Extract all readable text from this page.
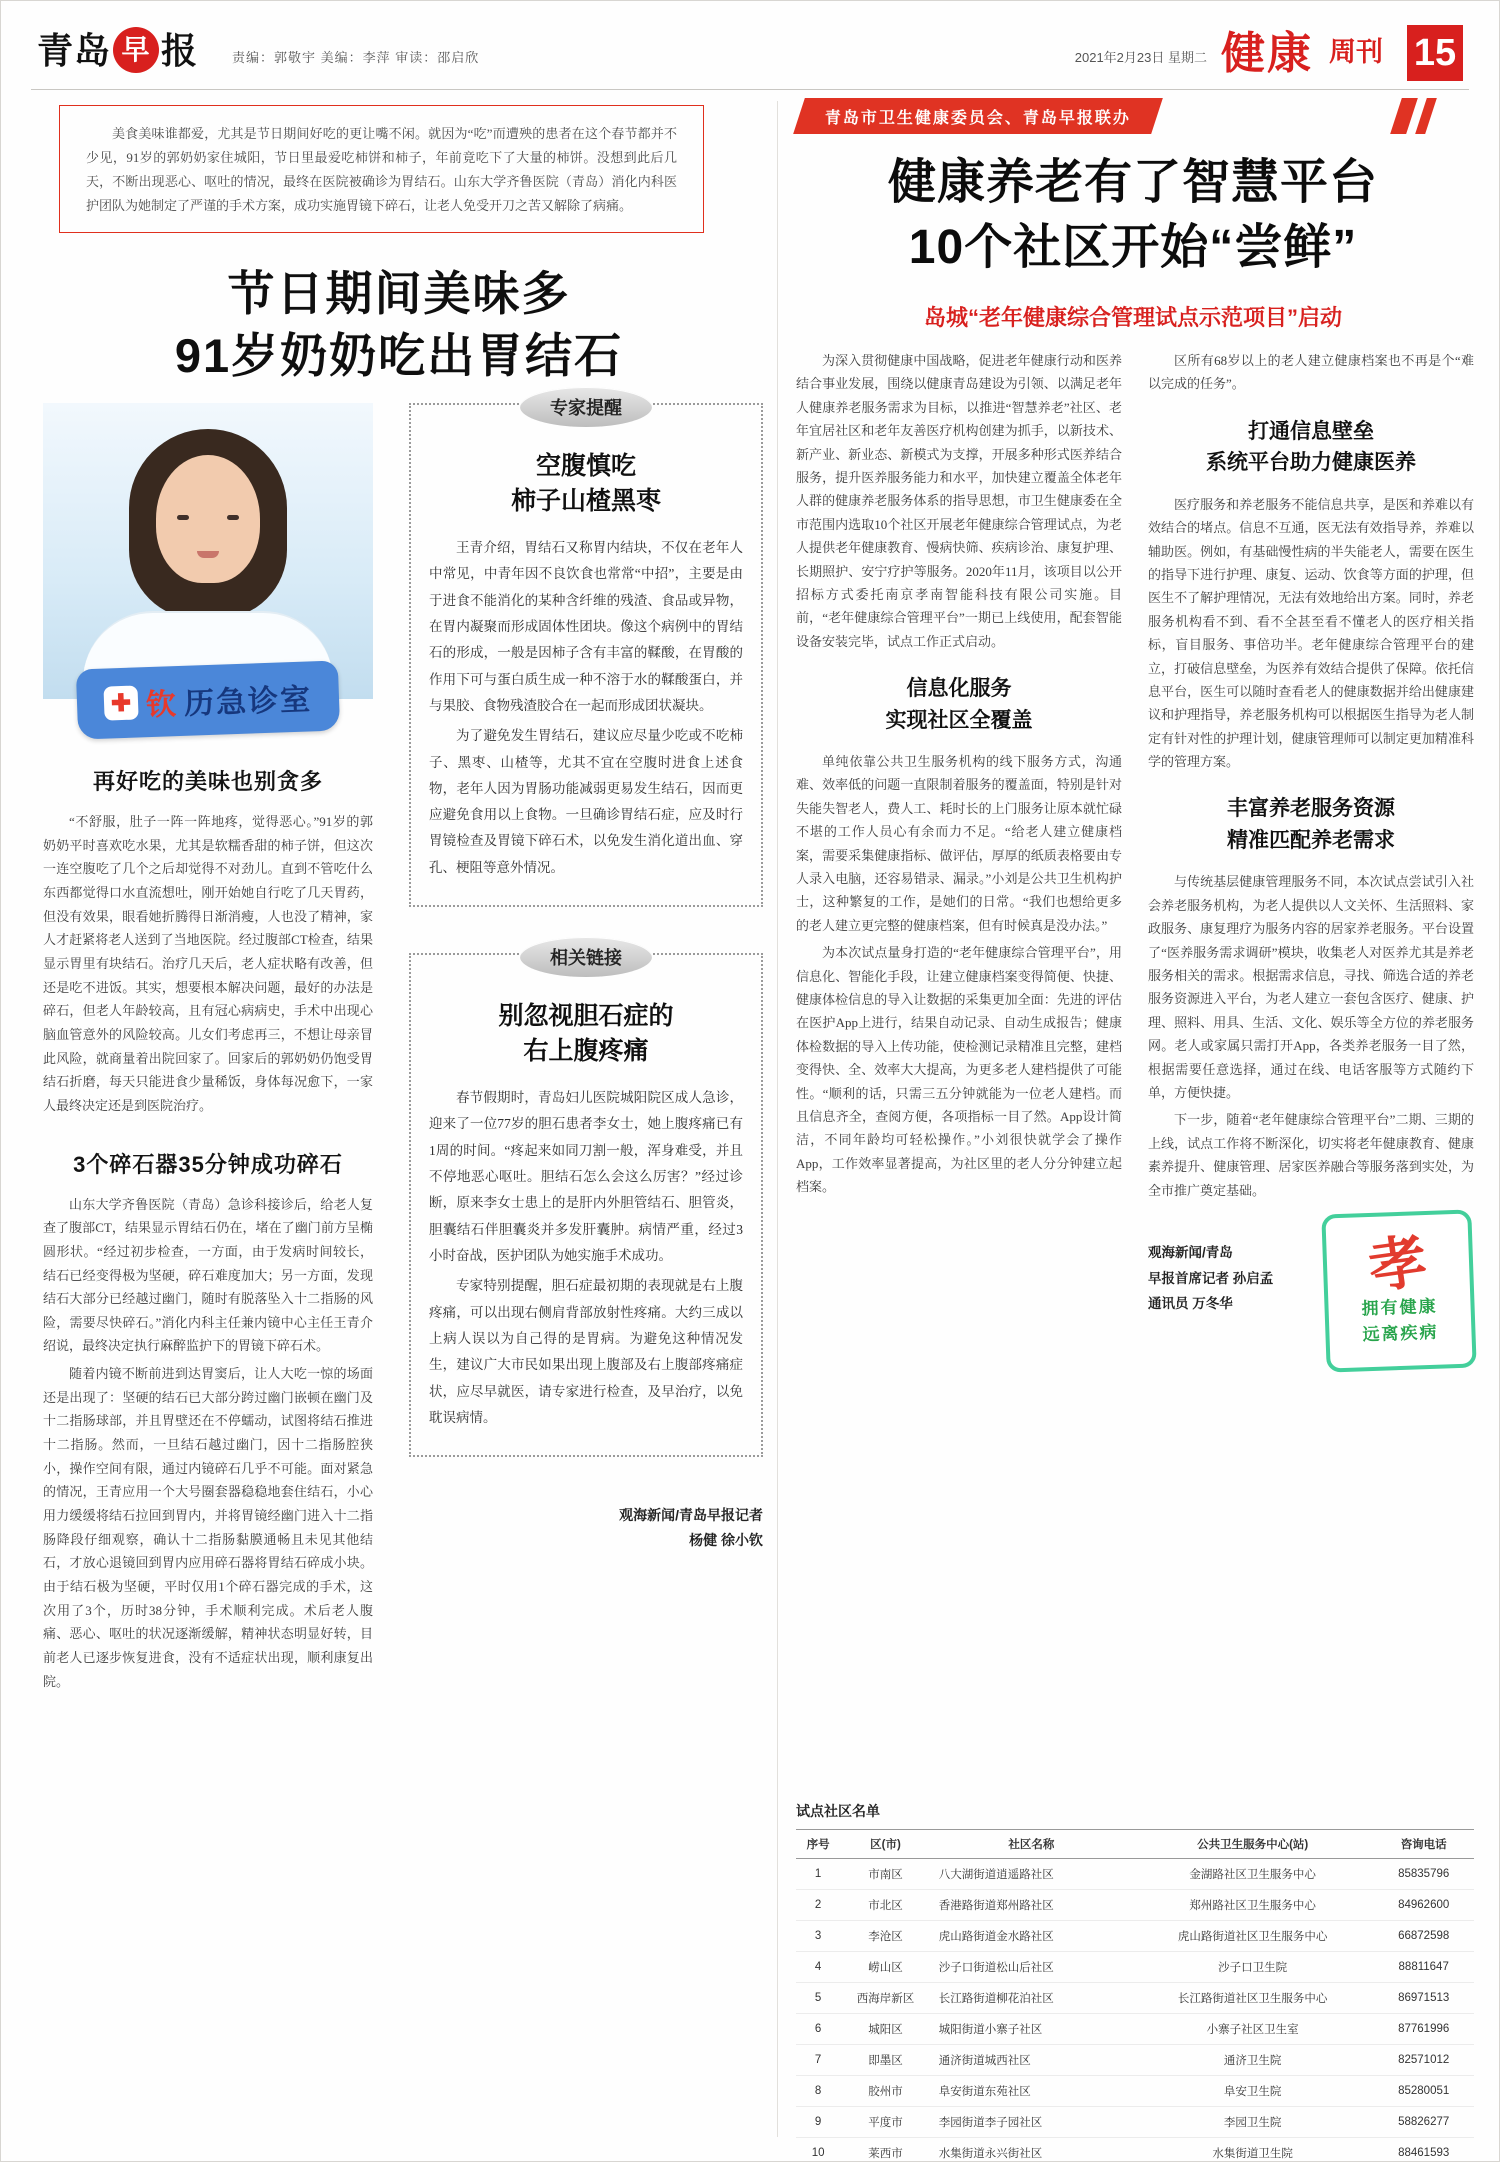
青岛 早 报	责编：郭敬宇 美编：李萍 审读：邵启欣	2021年2月23日 星期二 健康 周刊 15

美食美味谁都爱，尤其是节日期间好吃的更让嘴不闲。就因为“吃”而遭殃的患者在这个春节都并不少见，91岁的郭奶奶家住城阳，节日里最爱吃柿饼和柿子，年前竟吃下了大量的柿饼。没想到此后几天，不断出现恶心、呕吐的情况，最终在医院被确诊为胃结石。山东大学齐鲁医院（青岛）消化内科医护团队为她制定了严谨的手术方案，成功实施胃镜下碎石，让老人免受开刀之苦又解除了病痛。

节日期间美味多
91岁奶奶吃出胃结石
✚ 钦 历急诊室
再好吃的美味也别贪多

“不舒服，肚子一阵一阵地疼，觉得恶心。”91岁的郭奶奶平时喜欢吃水果，尤其是软糯香甜的柿子饼，但这次一连空腹吃了几个之后却觉得不对劲儿。直到不管吃什么东西都觉得口水直流想吐，刚开始她自行吃了几天胃药，但没有效果，眼看她折腾得日渐消瘦，人也没了精神，家人才赶紧将老人送到了当地医院。经过腹部CT检查，结果显示胃里有块结石。治疗几天后，老人症状略有改善，但还是吃不进饭。其实，想要根本解决问题，最好的办法是碎石，但老人年龄较高，且有冠心病病史，手术中出现心脑血管意外的风险较高。儿女们考虑再三，不想让母亲冒此风险，就商量着出院回家了。回家后的郭奶奶仍饱受胃结石折磨，每天只能进食少量稀饭，身体每况愈下，一家人最终决定还是到医院治疗。

3个碎石器35分钟成功碎石

山东大学齐鲁医院（青岛）急诊科接诊后，给老人复查了腹部CT，结果显示胃结石仍在，堵在了幽门前方呈椭圆形状。“经过初步检查，一方面，由于发病时间较长，结石已经变得极为坚硬，碎石难度加大；另一方面，发现结石大部分已经越过幽门，随时有脱落坠入十二指肠的风险，需要尽快碎石。”消化内科主任兼内镜中心主任王青介绍说，最终决定执行麻醉监护下的胃镜下碎石术。

随着内镜不断前进到达胃窦后，让人大吃一惊的场面还是出现了：坚硬的结石已大部分跨过幽门嵌顿在幽门及十二指肠球部，并且胃壁还在不停蠕动，试图将结石推进十二指肠。然而，一旦结石越过幽门，因十二指肠腔狭小，操作空间有限，通过内镜碎石几乎不可能。面对紧急的情况，王青应用一个大号圈套器稳稳地套住结石，小心用力缓缓将结石拉回到胃内，并将胃镜经幽门进入十二指肠降段仔细观察，确认十二指肠黏膜通畅且未见其他结石，才放心退镜回到胃内应用碎石器将胃结石碎成小块。由于结石极为坚硬，平时仅用1个碎石器完成的手术，这次用了3个，历时38分钟，手术顺利完成。术后老人腹痛、恶心、呕吐的状况逐渐缓解，精神状态明显好转，目前老人已逐步恢复进食，没有不适症状出现，顺利康复出院。

专家提醒
空腹慎吃
柿子山楂黑枣

王青介绍，胃结石又称胃内结块，不仅在老年人中常见，中青年因不良饮食也常常“中招”，主要是由于进食不能消化的某种含纤维的残渣、食品或异物，在胃内凝聚而形成固体性团块。像这个病例中的胃结石的形成，一般是因柿子含有丰富的鞣酸，在胃酸的作用下可与蛋白质生成一种不溶于水的鞣酸蛋白，并与果胶、食物残渣胶合在一起而形成团状凝块。

为了避免发生胃结石，建议应尽量少吃或不吃柿子、黑枣、山楂等，尤其不宜在空腹时进食上述食物，老年人因为胃肠功能减弱更易发生结石，因而更应避免食用以上食物。一旦确诊胃结石症，应及时行胃镜检查及胃镜下碎石术，以免发生消化道出血、穿孔、梗阻等意外情况。

相关链接
别忽视胆石症的
右上腹疼痛

春节假期时，青岛妇儿医院城阳院区成人急诊，迎来了一位77岁的胆石患者李女士，她上腹疼痛已有1周的时间。“疼起来如同刀割一般，浑身难受，并且不停地恶心呕吐。胆结石怎么会这么厉害？”经过诊断，原来李女士患上的是肝内外胆管结石、胆管炎，胆囊结石伴胆囊炎并多发肝囊肿。病情严重，经过3小时奋战，医护团队为她实施手术成功。

专家特别提醒，胆石症最初期的表现就是右上腹疼痛，可以出现右侧肩背部放射性疼痛。大约三成以上病人误以为自己得的是胃病。为避免这种情况发生，建议广大市民如果出现上腹部及右上腹部疼痛症状，应尽早就医，请专家进行检查，及早治疗，以免耽误病情。

观海新闻/青岛早报记者
杨健 徐小钦
青岛市卫生健康委员会、青岛早报联办
健康养老有了智慧平台
10个社区开始“尝鲜”
岛城“老年健康综合管理试点示范项目”启动

为深入贯彻健康中国战略，促进老年健康行动和医养结合事业发展，围绕以健康青岛建设为引领、以满足老年人健康养老服务需求为目标，以推进“智慧养老”社区、老年宜居社区和老年友善医疗机构创建为抓手，以新技术、新产业、新业态、新模式为支撑，开展多种形式医养结合服务，提升医养服务能力和水平，加快建立覆盖全体老年人群的健康养老服务体系的指导思想，市卫生健康委在全市范围内选取10个社区开展老年健康综合管理试点，为老人提供老年健康教育、慢病快筛、疾病诊治、康复护理、长期照护、安宁疗护等服务。2020年11月，该项目以公开招标方式委托南京孝南智能科技有限公司实施。目前，“老年健康综合管理平台”一期已上线使用，配套智能设备安装完毕，试点工作正式启动。

信息化服务
实现社区全覆盖

单纯依靠公共卫生服务机构的线下服务方式，沟通难、效率低的问题一直限制着服务的覆盖面，特别是针对失能失智老人，费人工、耗时长的上门服务让原本就忙碌不堪的工作人员心有余而力不足。“给老人建立健康档案，需要采集健康指标、做评估，厚厚的纸质表格要由专人录入电脑，还容易错录、漏录。”小刘是公共卫生机构护士，这种繁复的工作，是她们的日常。“我们也想给更多的老人建立更完整的健康档案，但有时候真是没办法。”

为本次试点量身打造的“老年健康综合管理平台”，用信息化、智能化手段，让建立健康档案变得简便、快捷、健康体检信息的导入让数据的采集更加全面：先进的评估在医护App上进行，结果自动记录、自动生成报告；健康体检数据的导入上传功能，使检测记录精准且完整，建档变得快、全、效率大大提高，为更多老人建档提供了可能性。“顺利的话，只需三五分钟就能为一位老人建档。而且信息齐全，查阅方便，各项指标一目了然。App设计简洁，不同年龄均可轻松操作。”小刘很快就学会了操作App，工作效率显著提高，为社区里的老人分分钟建立起档案。

区所有68岁以上的老人建立健康档案也不再是个“难以完成的任务”。

打通信息壁垒
系统平台助力健康医养

医疗服务和养老服务不能信息共享，是医和养难以有效结合的堵点。信息不互通，医无法有效指导养，养难以辅助医。例如，有基础慢性病的半失能老人，需要在医生的指导下进行护理、康复、运动、饮食等方面的护理，但医生不了解护理情况，无法有效地给出方案。同时，养老服务机构看不到、看不全甚至看不懂老人的医疗相关指标，盲目服务、事倍功半。老年健康综合管理平台的建立，打破信息壁垒，为医养有效结合提供了保障。依托信息平台，医生可以随时查看老人的健康数据并给出健康建议和护理指导，养老服务机构可以根据医生指导为老人制定有针对性的护理计划，健康管理师可以制定更加精准科学的管理方案。

丰富养老服务资源
精准匹配养老需求

与传统基层健康管理服务不同，本次试点尝试引入社会养老服务机构，为老人提供以人文关怀、生活照料、家政服务、康复理疗为服务内容的居家养老服务。平台设置了“医养服务需求调研”模块，收集老人对医养尤其是养老服务相关的需求。根据需求信息，寻找、筛选合适的养老服务资源进入平台，为老人建立一套包含医疗、健康、护理、照料、用具、生活、文化、娱乐等全方位的养老服务网。老人或家属只需打开App，各类养老服务一目了然，根据需要任意选择，通过在线、电话客服等方式随约下单，方便快捷。

下一步，随着“老年健康综合管理平台”二期、三期的上线，试点工作将不断深化，切实将老年健康教育、健康素养提升、健康管理、居家医养融合等服务落到实处，为全市推广奠定基础。

观海新闻/青岛
早报首席记者 孙启孟
通讯员 万冬华
孝
拥有健康
远离疾病
试点社区名单
序号	区(市)	社区名称	公共卫生服务中心(站)	咨询电话
1	市南区	八大湖街道逍遥路社区	金湖路社区卫生服务中心	85835796
2	市北区	香港路街道郑州路社区	郑州路社区卫生服务中心	84962600
3	李沧区	虎山路街道金水路社区	虎山路街道社区卫生服务中心	66872598
4	崂山区	沙子口街道松山后社区	沙子口卫生院	88811647
5	西海岸新区	长江路街道柳花泊社区	长江路街道社区卫生服务中心	86971513
6	城阳区	城阳街道小寨子社区	小寨子社区卫生室	87761996
7	即墨区	通济街道城西社区	通济卫生院	82571012
8	胶州市	阜安街道东苑社区	阜安卫生院	85280051
9	平度市	李园街道李子园社区	李园卫生院	58826277
10	莱西市	水集街道永兴街社区	水集街道卫生院	88461593
